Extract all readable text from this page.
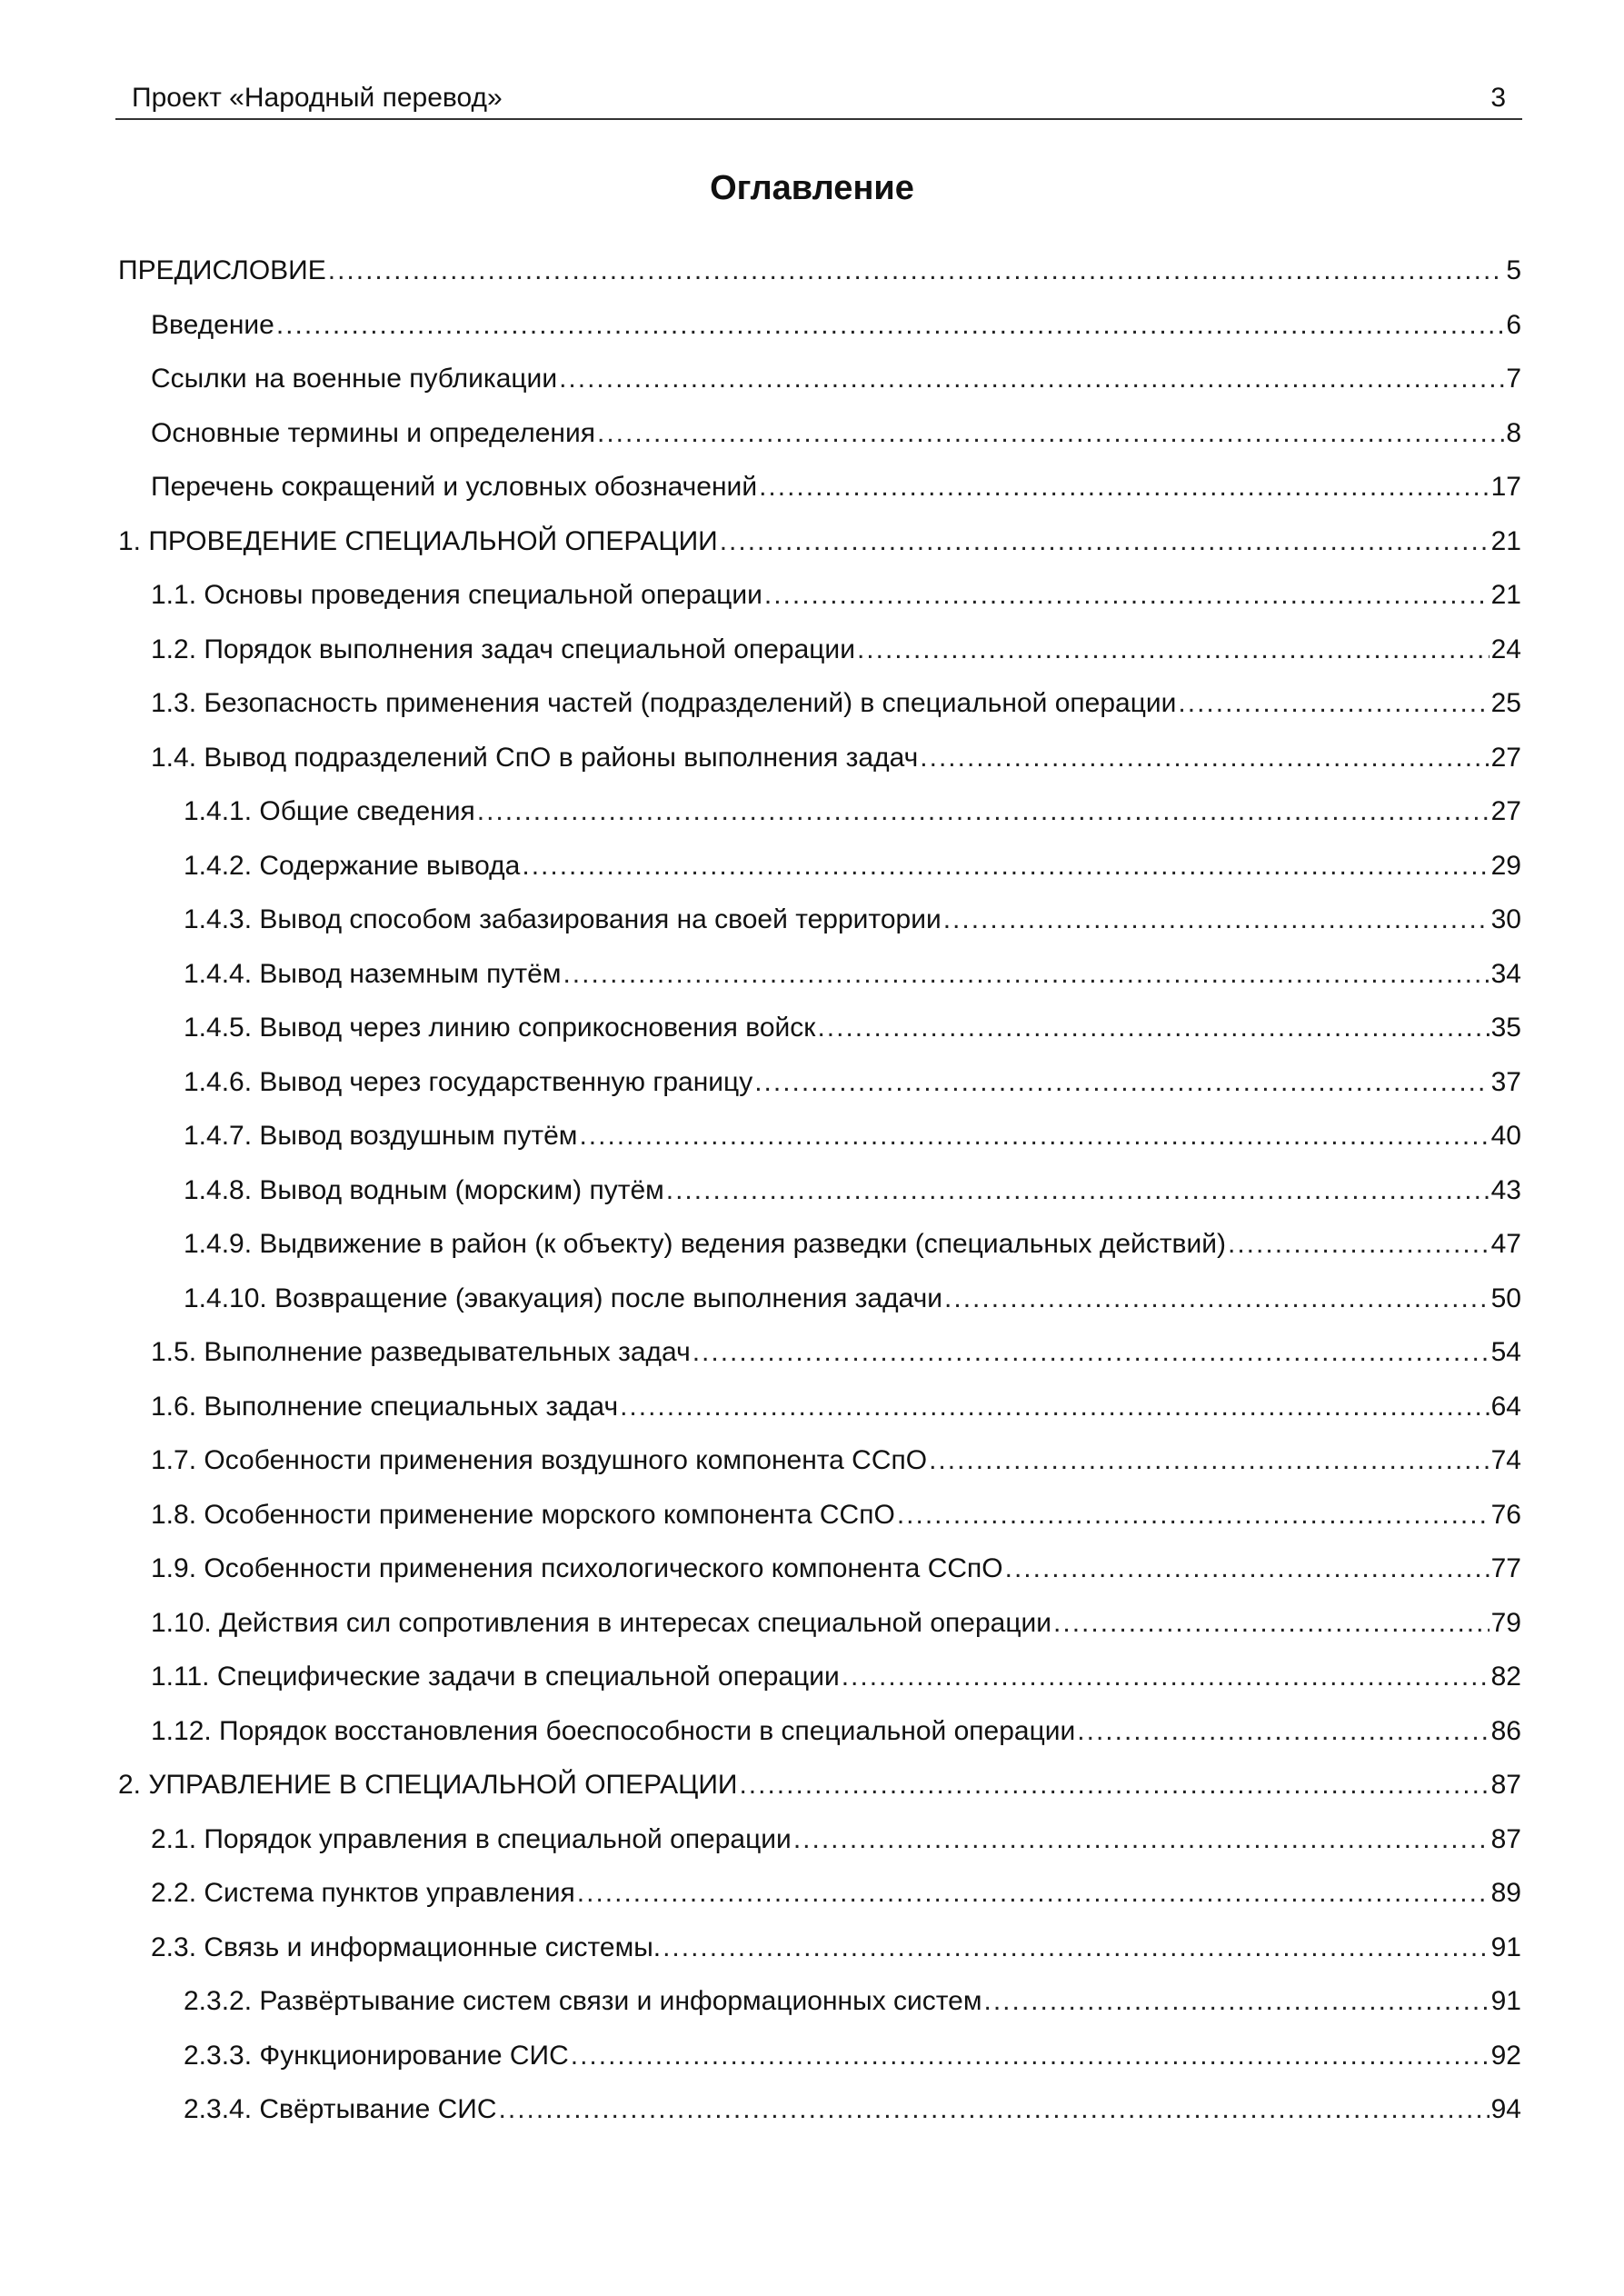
Проект «Народный перевод»	3
Оглавление
ПРЕДИСЛОВИЕ .....	5
Введение .....	6
Ссылки на военные публикации .....	7
Основные термины и определения .....	8
Перечень сокращений и условных обозначений .....	17
1. ПРОВЕДЕНИЕ СПЕЦИАЛЬНОЙ ОПЕРАЦИИ .....	21
1.1. Основы проведения специальной операции .....	21
1.2. Порядок выполнения задач специальной операции .....	24
1.3. Безопасность применения частей (подразделений) в специальной операции .....	25
1.4. Вывод подразделений СпО в районы выполнения задач .....	27
1.4.1. Общие сведения .....	27
1.4.2. Содержание вывода .....	29
1.4.3. Вывод способом забазирования на своей территории .....	30
1.4.4. Вывод наземным путём .....	34
1.4.5. Вывод через линию соприкосновения войск .....	35
1.4.6. Вывод через государственную границу .....	37
1.4.7. Вывод воздушным путём .....	40
1.4.8. Вывод водным (морским) путём .....	43
1.4.9. Выдвижение в район (к объекту) ведения разведки (специальных действий) .....	47
1.4.10. Возвращение (эвакуация) после выполнения задачи .....	50
1.5. Выполнение разведывательных задач .....	54
1.6. Выполнение специальных задач .....	64
1.7. Особенности применения воздушного компонента ССпО .....	74
1.8. Особенности применение морского компонента ССпО .....	76
1.9. Особенности применения психологического компонента ССпО .....	77
1.10. Действия сил сопротивления в интересах специальной операции .....	79
1.11. Специфические задачи в специальной операции .....	82
1.12. Порядок восстановления боеспособности в специальной операции .....	86
2. УПРАВЛЕНИЕ В СПЕЦИАЛЬНОЙ ОПЕРАЦИИ .....	87
2.1. Порядок управления в специальной операции .....	87
2.2. Система пунктов управления .....	89
2.3. Связь и информационные системы. .....	91
2.3.2. Развёртывание систем связи и информационных систем .....	91
2.3.3. Функционирование СИС .....	92
2.3.4. Свёртывание СИС .....	94
